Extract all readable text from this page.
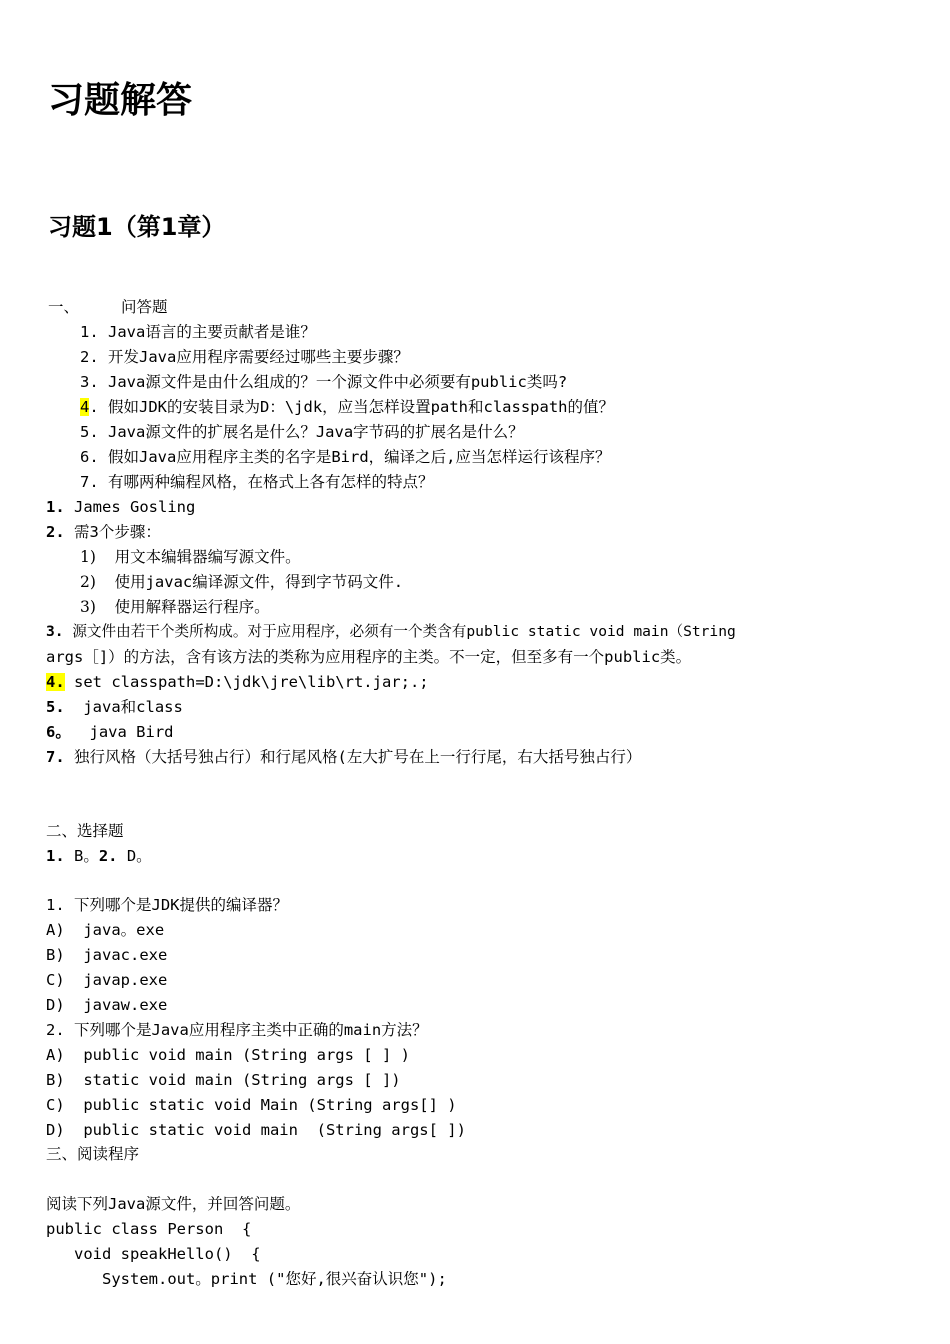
习题解答
习题1（第1章）
一、	问答题
1. Java语言的主要贡献者是谁？
2. 开发Java应用程序需要经过哪些主要步骤？
3. Java源文件是由什么组成的？一个源文件中必须要有public类吗?
4. 假如JDK的安装目录为D：\jdk，应当怎样设置path和classpath的值？
5. Java源文件的扩展名是什么？Java字节码的扩展名是什么？
6. 假如Java应用程序主类的名字是Bird，编译之后,应当怎样运行该程序？
7. 有哪两种编程风格，在格式上各有怎样的特点？
1. James Gosling
2. 需3个步骤：
1) 用文本编辑器编写源文件。
2) 使用javac编译源文件，得到字节码文件.
3) 使用解释器运行程序。
3. 源文件由若干个类所构成。对于应用程序，必须有一个类含有public static void main（String
args［]）的方法，含有该方法的类称为应用程序的主类。不一定，但至多有一个public类。
4. set classpath=D:\jdk\jre\lib\rt.jar;.;
5.  java和class
6。  java Bird
7. 独行风格（大括号独占行）和行尾风格(左大扩号在上一行行尾，右大括号独占行）
二、选择题
1. B。2. D。
1. 下列哪个是JDK提供的编译器？
A)  java。exe
B)  javac.exe
C)  javap.exe
D)  javaw.exe
2. 下列哪个是Java应用程序主类中正确的main方法？
A)  public void main (String args [ ] )
B)  static void main (String args [ ])
C)  public static void Main (String args[] )
D)  public static void main  (String args[ ])
三、阅读程序
阅读下列Java源文件，并回答问题。
public class Person  {
void speakHello()  {
System.out。print ("您好,很兴奋认识您");
